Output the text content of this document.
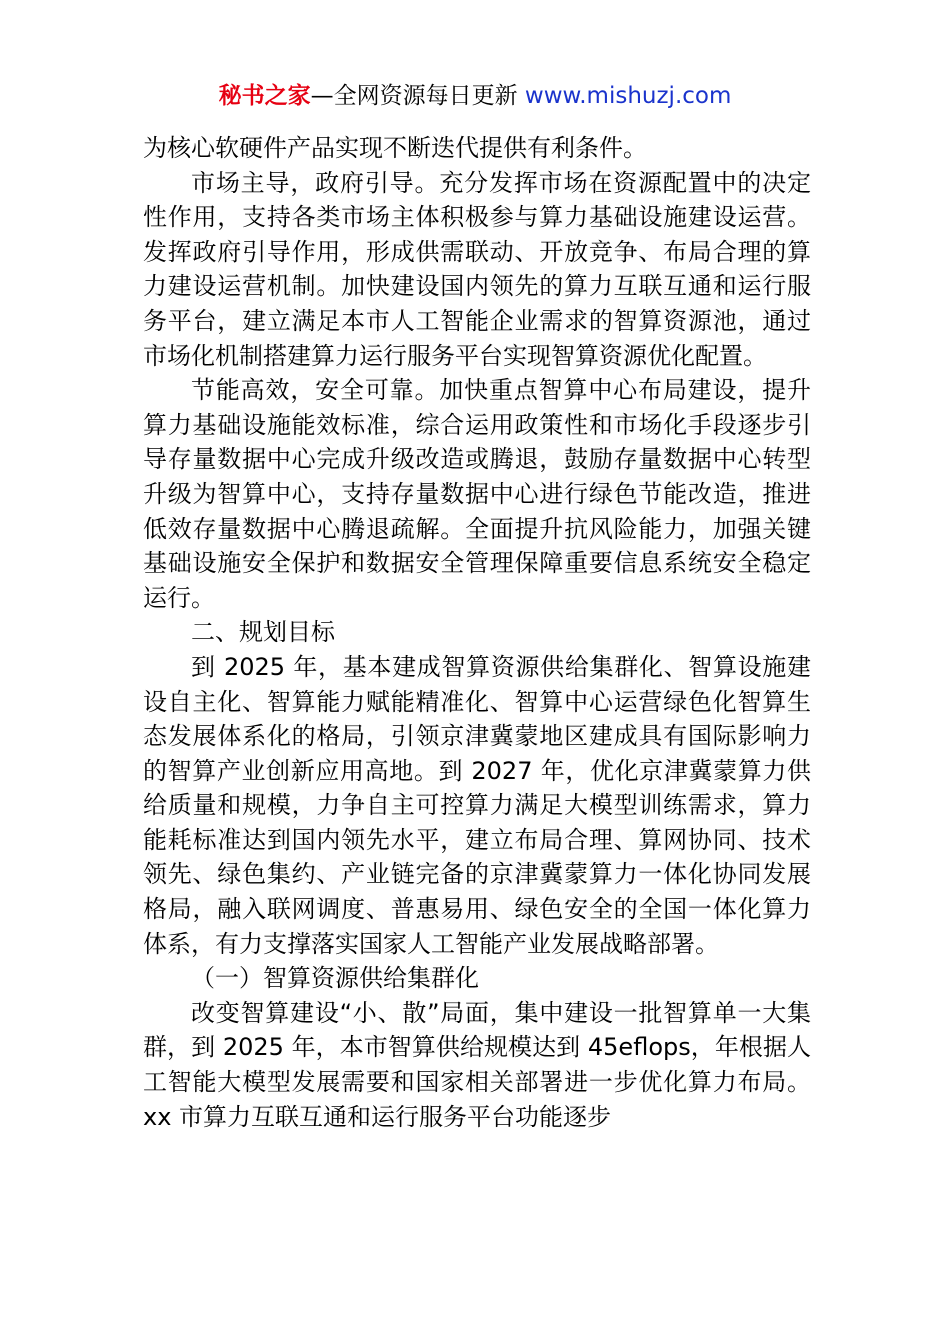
秘书之家—全网资源每日更新 www.mishuzj.com

为核心软硬件产品实现不断迭代提供有利条件。

市场主导，政府引导。充分发挥市场在资源配置中的决定性作用，支持各类市场主体积极参与算力基础设施建设运营。发挥政府引导作用，形成供需联动、开放竞争、布局合理的算力建设运营机制。加快建设国内领先的算力互联互通和运行服务平台，建立满足本市人工智能企业需求的智算资源池，通过市场化机制搭建算力运行服务平台实现智算资源优化配置。

节能高效，安全可靠。加快重点智算中心布局建设，提升算力基础设施能效标准，综合运用政策性和市场化手段逐步引导存量数据中心完成升级改造或腾退，鼓励存量数据中心转型升级为智算中心，支持存量数据中心进行绿色节能改造，推进低效存量数据中心腾退疏解。全面提升抗风险能力，加强关键基础设施安全保护和数据安全管理保障重要信息系统安全稳定运行。

二、规划目标

到 2025 年，基本建成智算资源供给集群化、智算设施建设自主化、智算能力赋能精准化、智算中心运营绿色化智算生态发展体系化的格局，引领京津冀蒙地区建成具有国际影响力的智算产业创新应用高地。到 2027 年，优化京津冀蒙算力供给质量和规模，力争自主可控算力满足大模型训练需求，算力能耗标准达到国内领先水平，建立布局合理、算网协同、技术领先、绿色集约、产业链完备的京津冀蒙算力一体化协同发展格局，融入联网调度、普惠易用、绿色安全的全国一体化算力体系，有力支撑落实国家人工智能产业发展战略部署。

（一）智算资源供给集群化

改变智算建设“小、散”局面，集中建设一批智算单一大集群，到 2025 年，本市智算供给规模达到 45eflops，年根据人工智能大模型发展需要和国家相关部署进一步优化算力布局。xx 市算力互联互通和运行服务平台功能逐步
